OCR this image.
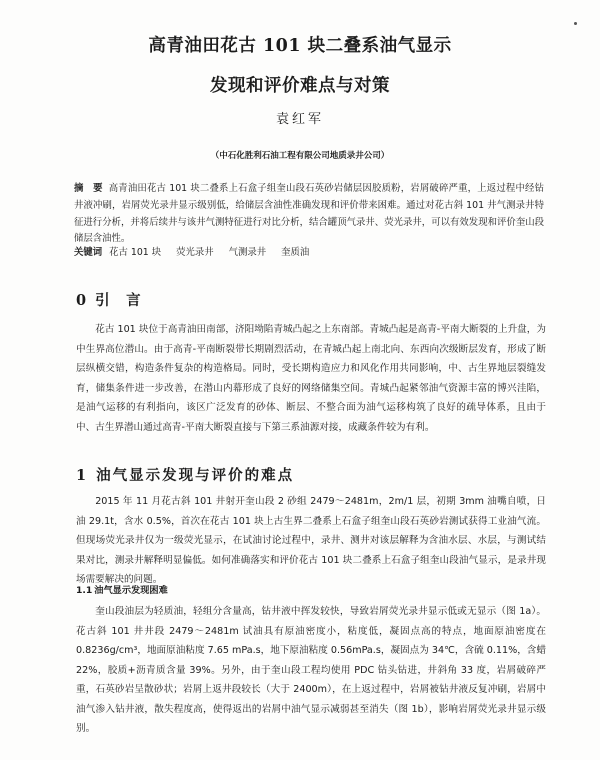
高青油田花古 101 块二叠系油气显示
发现和评价难点与对策
袁红军
（中石化胜利石油工程有限公司地质录井公司）
摘　要 高青油田花古 101 块二叠系上石盒子组奎山段石英砂岩储层因胶质粉，岩屑破碎严重，上返过程中经钻井液冲刷，岩屑荧光录井显示级别低，给储层含油性准确发现和评价带来困难。通过对花古斜 101 井气测录井特征进行分析，并将后续井与该井气测特征进行对比分析，结合罐顶气录井、荧光录井，可以有效发现和评价奎山段储层含油性。
关键词 花古 101 块 荧光录井 气测录井 奎质油
0 引　言
花古 101 块位于高青油田南部，济阳坳陷青城凸起之上东南部。青城凸起是高青-平南大断裂的上升盘，为中生界高位潜山。由于高青-平南断裂带长期剧烈活动，在青城凸起上南北向、东西向次级断层发育，形成了断层纵横交错，构造条件复杂的构造格局。同时，受长期构造应力和风化作用共同影响，中、古生界地层裂缝发育，储集条件进一步改善，在潜山内幕形成了良好的网络储集空间。青城凸起紧邻油气资源丰富的博兴洼陷，是油气运移的有利指向，该区广泛发育的砂体、断层、不整合面为油气运移构筑了良好的疏导体系，且由于中、古生界潜山通过高青-平南大断裂直接与下第三系油源对接，成藏条件较为有利。
1 油气显示发现与评价的难点
2015 年 11 月花古斜 101 井射开奎山段 2 砂组 2479～2481m，2m/1 层，初期 3mm 油嘴自喷，日油 29.1t，含水 0.5%，首次在花古 101 块上古生界二叠系上石盒子组奎山段石英砂岩测试获得工业油气流。但现场荧光录井仅为一级荧光显示，在试油讨论过程中，录井、测井对该层解释为含油水层、水层，与测试结果对比，测录井解释明显偏低。如何准确落实和评价花古 101 块二叠系上石盒子组奎山段油气显示，是录井现场需要解决的问题。
1.1 油气显示发现困难
奎山段油层为轻质油，轻组分含量高，钻井液中挥发较快，导致岩屑荧光录井显示低或无显示（图 1a）。花古斜 101 井井段 2479～2481m 试油具有原油密度小，粘度低，凝固点高的特点，地面原油密度在 0.8236g/cm³，地面原油粘度 7.65 mPa.s，地下原油粘度 0.56mPa.s，凝固点为 34℃，含硫 0.11%，含蜡 22%，胶质+沥青质含量 39%。另外，由于奎山段工程均使用 PDC 钻头钻进，井斜角 33 度，岩屑破碎严重，石英砂岩呈散砂状；岩屑上返井段较长（大于 2400m），在上返过程中，岩屑被钻井液反复冲刷，岩屑中油气渗入钻井液，散失程度高，使得返出的岩屑中油气显示减弱甚至消失（图 1b），影响岩屑荧光录井显示级别。
